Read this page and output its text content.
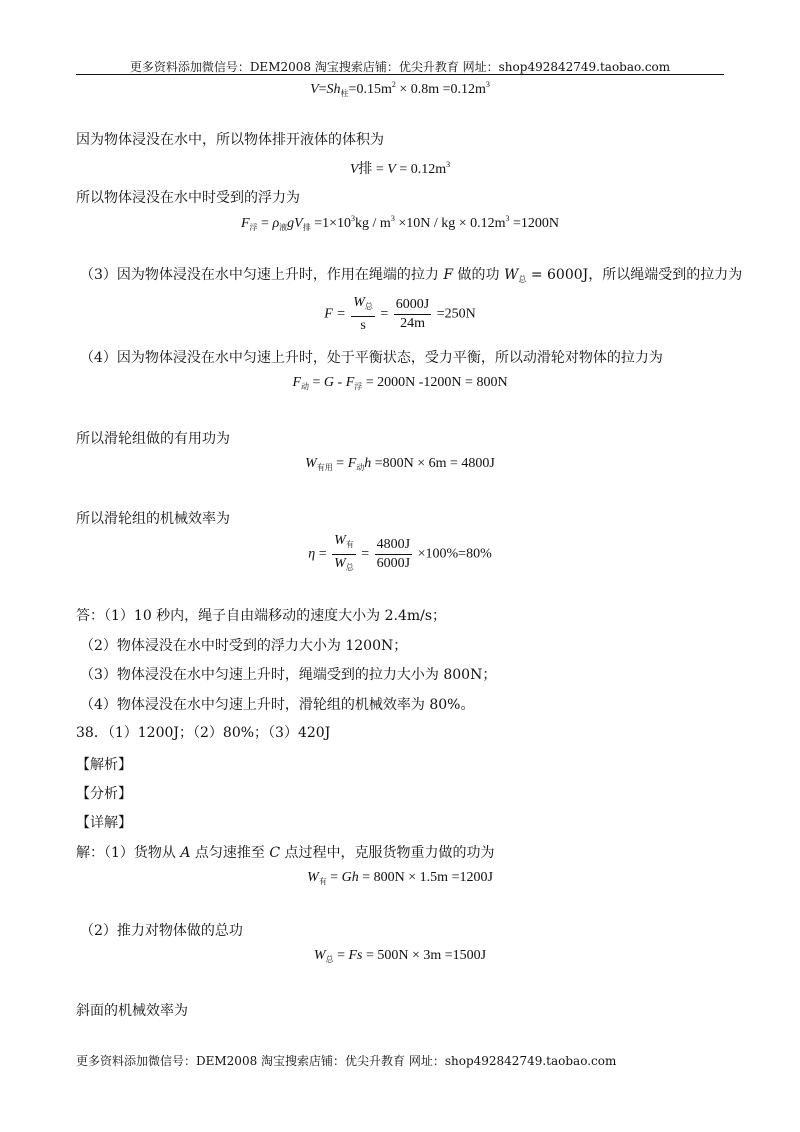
更多资料添加微信号：DEM2008 淘宝搜索店铺：优尖升教育 网址：shop492842749.taobao.com
$V=Sh_柱=0.15m^2 \times 0.8m =0.12m^3$
因为物体浸没在水中，所以物体排开液体的体积为
V排 = $V = 0.12m^3$
所以物体浸没在水中时受到的浮力为
$F_浮 = \rho_液gV_排 =1\times 10^3kg / m^3 \times 10N$ / kg × $0.12m^3 =1200N$
（3）因为物体浸没在水中匀速上升时，作用在绳端的拉力 F 做的功 $W_总 = 6000J$，所以绳端受到的拉力为
$F = \frac{W_总}{s} = \frac{6000J}{24m} =250N$
（4）因为物体浸没在水中匀速上升时，处于平衡状态，受力平衡，所以动滑轮对物体的拉力为
$F_动 = G - F_浮 = 2000N$ -1200N = 800N
所以滑轮组做的有用功为
$W_{有用} = F_动h =800N \times 6m = 4800J$
所以滑轮组的机械效率为
$\eta = \frac{W_有}{W_总} = \frac{4800J}{6000J} \times 100\%=80\%$
答：（1）10 秒内，绳子自由端移动的速度大小为 2.4m/s；
（2）物体浸没在水中时受到的浮力大小为 1200N；
（3）物体浸没在水中匀速上升时，绳端受到的拉力大小为 800N；
（4）物体浸没在水中匀速上升时，滑轮组的机械效率为 80%。
38．（1）1200J；（2）80%；（3）420J
【解析】
【分析】
【详解】
解：（1）货物从 A 点匀速推至 C 点过程中，克服货物重力做的功为
$W_有 = Gh = 800N \times 1.5m =1200J$
（2）推力对物体做的总功
$W_总 = Fs = 500N \times 3m =1500J$
斜面的机械效率为
更多资料添加微信号：DEM2008 淘宝搜索店铺：优尖升教育 网址：shop492842749.taobao.com
